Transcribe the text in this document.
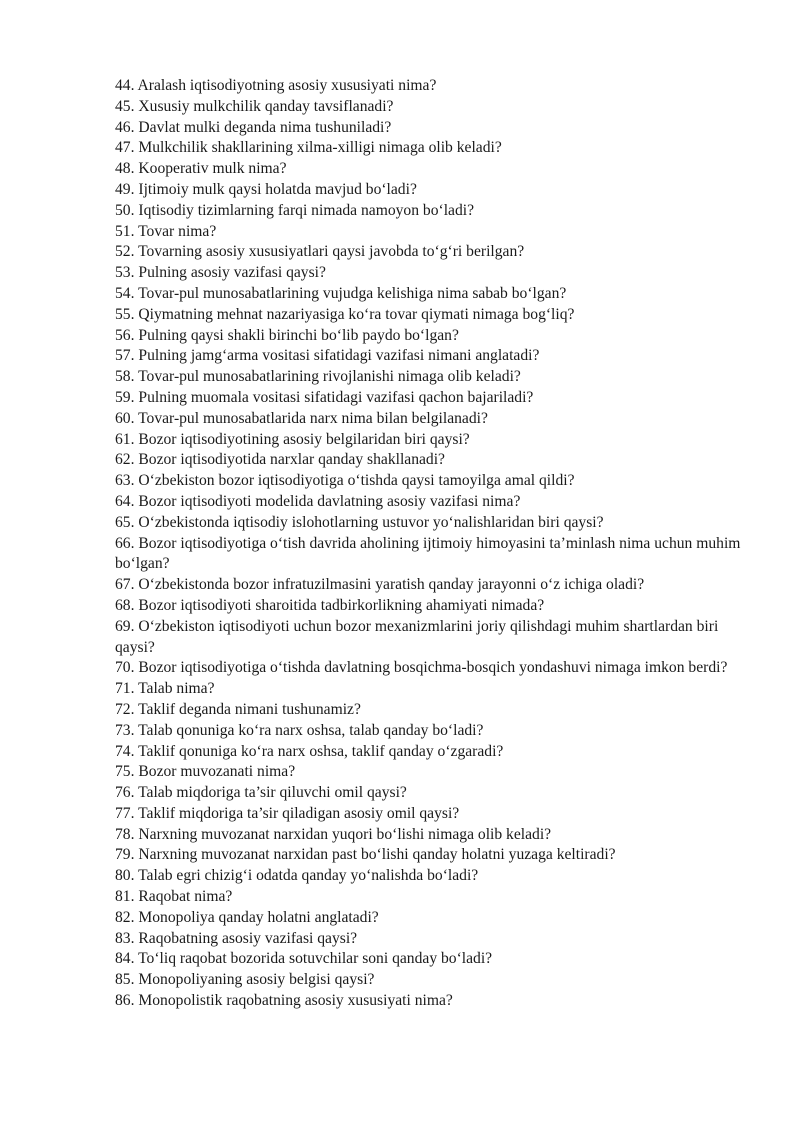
44 . Aralash iqtisodiyotning asosiy xususiyati nima?
45 . Xususiy mulkchilik qanday tavsiflanadi?
46 . Davlat mulki deganda nima tushuniladi?
47 . Mulkchilik shakllarining xilma-xilligi nimaga olib keladi?
48 . Kooperativ mulk nima?
49 . Ijtimoiy mulk qaysi holatda mavjud bo‘ladi?
50 . Iqtisodiy tizimlarning farqi nimada namoyon bo‘ladi?
51 . Tovar nima?
52 . Tovarning asosiy xususiyatlari qaysi javobda to‘g‘ri berilgan?
53 . Pulning asosiy vazifasi qaysi?
54 . Tovar-pul munosabatlarining vujudga kelishiga nima sabab bo‘lgan?
55 . Qiymatning mehnat nazariyasiga ko‘ra tovar qiymati nimaga bog‘liq?
56 . Pulning qaysi shakli birinchi bo‘lib paydo bo‘lgan?
57 . Pulning jamg‘arma vositasi sifatidagi vazifasi nimani anglatadi?
58 . Tovar-pul munosabatlarining rivojlanishi nimaga olib keladi?
59 . Pulning muomala vositasi sifatidagi vazifasi qachon bajariladi?
60 . Tovar-pul munosabatlarida narx nima bilan belgilanadi?
61 . Bozor iqtisodiyotining asosiy belgilaridan biri qaysi?
62 . Bozor iqtisodiyotida narxlar qanday shakllanadi?
63 . O‘zbekiston bozor iqtisodiyotiga o‘tishda qaysi tamoyilga amal qildi?
64 . Bozor iqtisodiyoti modelida davlatning asosiy vazifasi nima?
65 . O‘zbekistonda iqtisodiy islohotlarning ustuvor yo‘nalishlaridan biri qaysi?
66 . Bozor iqtisodiyotiga o‘tish davrida aholining ijtimoiy himoyasini ta’minlash nima uchun muhim bo‘lgan?
67 . O‘zbekistonda bozor infratuzilmasini yaratish qanday jarayonni o‘z ichiga oladi?
68 . Bozor iqtisodiyoti sharoitida tadbirkorlikning ahamiyati nimada?
69 . O‘zbekiston iqtisodiyoti uchun bozor mexanizmlarini joriy qilishdagi muhim shartlardan biri qaysi?
70 . Bozor iqtisodiyotiga o‘tishda davlatning bosqichma-bosqich yondashuvi nimaga imkon berdi?
71 . Talab nima?
72 . Taklif deganda nimani tushunamiz?
73 . Talab qonuniga ko‘ra narx oshsa, talab qanday bo‘ladi?
74 . Taklif qonuniga ko‘ra narx oshsa, taklif qanday o‘zgaradi?
75 . Bozor muvozanati nima?
76 . Talab miqdoriga ta’sir qiluvchi omil qaysi?
77 . Taklif miqdoriga ta’sir qiladigan asosiy omil qaysi?
78 . Narxning muvozanat narxidan yuqori bo‘lishi nimaga olib keladi?
79 . Narxning muvozanat narxidan past bo‘lishi qanday holatni yuzaga keltiradi?
80 . Talab egri chizig‘i odatda qanday yo‘nalishda bo‘ladi?
81 . Raqobat nima?
82 . Monopoliya qanday holatni anglatadi?
83 . Raqobatning asosiy vazifasi qaysi?
84 . To‘liq raqobat bozorida sotuvchilar soni qanday bo‘ladi?
85 . Monopoliyaning asosiy belgisi qaysi?
86 . Monopolistik raqobatning asosiy xususiyati nima?
